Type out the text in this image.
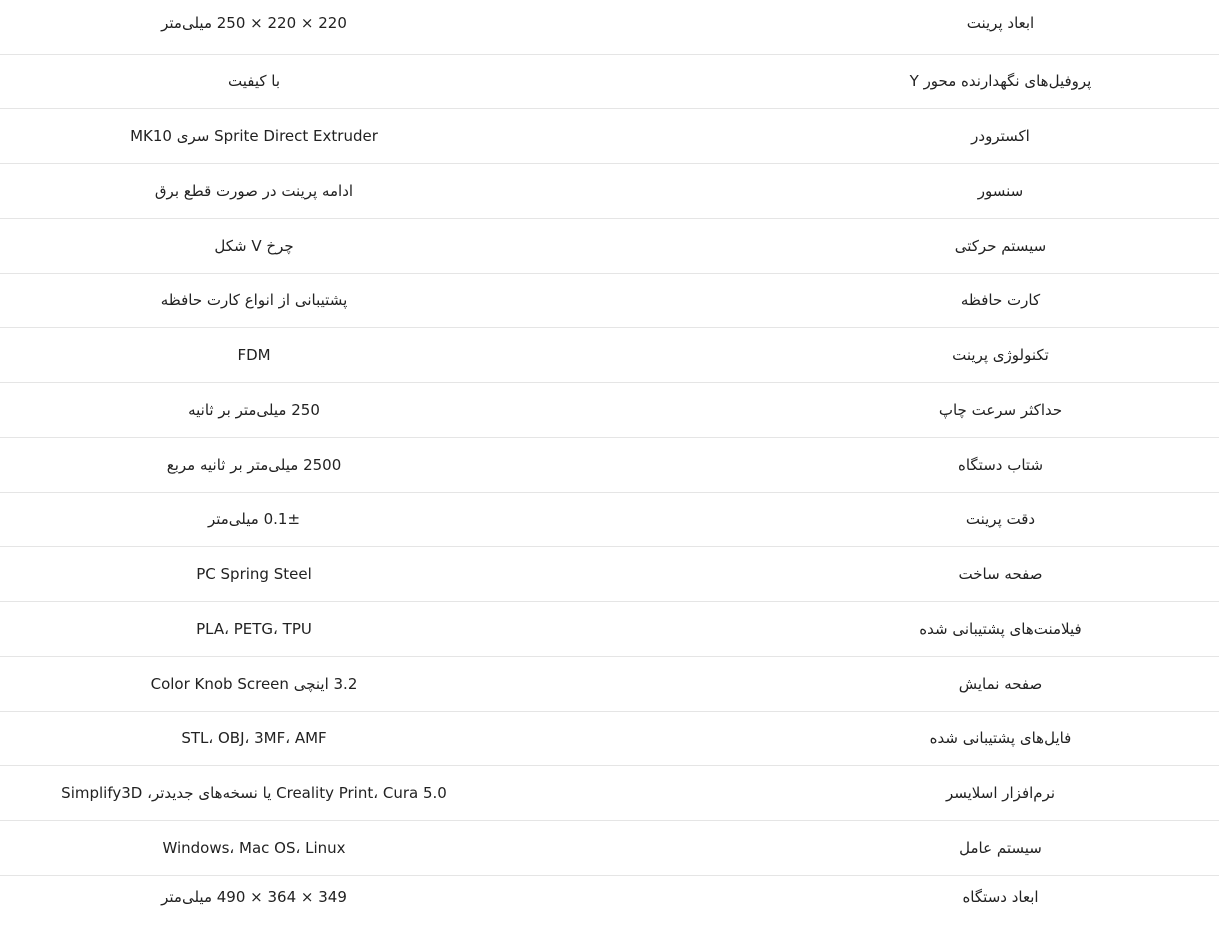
220 × 220 × 250 میلی‌متر	ابعاد پرینت
با کیفیت	پروفیل‌های نگهدارنده محور Y
Sprite Direct Extruder سری MK10	اکسترودر
ادامه پرینت در صورت قطع برق	سنسور
چرخ V شکل	سیستم حرکتی
پشتیبانی از انواع کارت حافظه	کارت حافظه
FDM	تکنولوژی پرینت
250 میلی‌متر بر ثانیه	حداکثر سرعت چاپ
2500 میلی‌متر بر ثانیه مربع	شتاب دستگاه
0.1± میلی‌متر	دقت پرینت
PC Spring Steel	صفحه ساخت
PLA، PETG، TPU	فیلامنت‌های پشتیبانی شده
3.2 اینچی Color Knob Screen	صفحه نمایش
STL، OBJ، 3MF، AMF	فایل‌های پشتیبانی شده
Creality Print، Cura 5.0 یا نسخه‌های جدیدتر، Simplify3D	نرم‌افزار اسلایسر
Windows، Mac OS، Linux	سیستم عامل
349 × 364 × 490 میلی‌متر	ابعاد دستگاه
